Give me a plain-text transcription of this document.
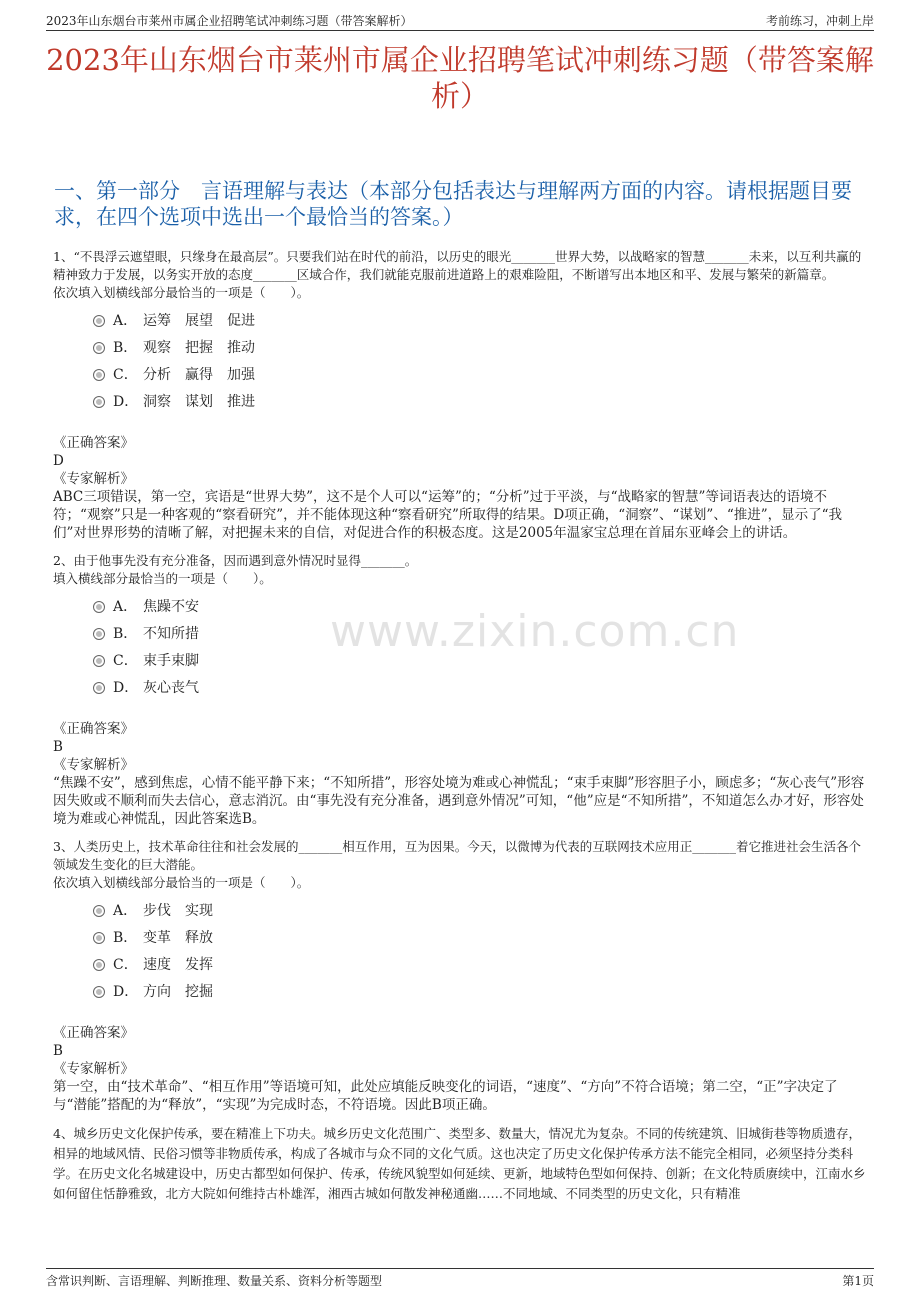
2023年山东烟台市莱州市属企业招聘笔试冲刺练习题（带答案解析）	考前练习，冲刺上岸
2023年山东烟台市莱州市属企业招聘笔试冲刺练习题（带答案解析）
一、第一部分　言语理解与表达（本部分包括表达与理解两方面的内容。请根据题目要求，在四个选项中选出一个最恰当的答案。）
www.zixin.com.cn

1、“不畏浮云遮望眼，只缘身在最高层”。只要我们站在时代的前沿，以历史的眼光_______世界大势，以战略家的智慧_______未来，以互利共赢的精神致力于发展，以务实开放的态度_______区域合作，我们就能克服前进道路上的艰难险阻，不断谱写出本地区和平、发展与繁荣的新篇章。

依次填入划横线部分最恰当的一项是（　　）。

A． 运筹　展望　促进
B． 观察　把握　推动
C． 分析　赢得　加强
D． 洞察　谋划　推进
《正确答案》
D
《专家解析》
ABC三项错误，第一空，宾语是“世界大势”，这不是个人可以“运筹”的；“分析”过于平淡，与“战略家的智慧”等词语表达的语境不符；“观察”只是一种客观的“察看研究”，并不能体现这种“察看研究”所取得的结果。D项正确，“洞察”、“谋划”、“推进”，显示了“我们”对世界形势的清晰了解，对把握未来的自信，对促进合作的积极态度。这是2005年温家宝总理在首届东亚峰会上的讲话。

2、由于他事先没有充分准备，因而遇到意外情况时显得_______。

填入横线部分最恰当的一项是（　　）。

A． 焦躁不安
B． 不知所措
C． 束手束脚
D． 灰心丧气
《正确答案》
B
《专家解析》
“焦躁不安”，感到焦虑，心情不能平静下来；“不知所措”，形容处境为难或心神慌乱；“束手束脚”形容胆子小，顾虑多；“灰心丧气”形容因失败或不顺利而失去信心，意志消沉。由“事先没有充分准备，遇到意外情况”可知，“他”应是“不知所措”，不知道怎么办才好，形容处境为难或心神慌乱，因此答案选B。

3、人类历史上，技术革命往往和社会发展的_______相互作用，互为因果。今天，以微博为代表的互联网技术应用正_______着它推进社会生活各个领域发生变化的巨大潜能。

依次填入划横线部分最恰当的一项是（　　）。

A． 步伐　实现
B． 变革　释放
C． 速度　发挥
D． 方向　挖掘
《正确答案》
B
《专家解析》
第一空，由“技术革命”、“相互作用”等语境可知，此处应填能反映变化的词语，“速度”、“方向”不符合语境；第二空，“正”字决定了与“潜能”搭配的为“释放”，“实现”为完成时态，不符语境。因此B项正确。

4、城乡历史文化保护传承，要在精准上下功夫。城乡历史文化范围广、类型多、数量大，情况尤为复杂。不同的传统建筑、旧城街巷等物质遗存，相异的地域风情、民俗习惯等非物质传承，构成了各城市与众不同的文化气质。这也决定了历史文化保护传承方法不能完全相同，必须坚持分类科学。在历史文化名城建设中，历史古都型如何保护、传承，传统风貌型如何延续、更新，地域特色型如何保持、创新；在文化特质赓续中，江南水乡如何留住恬静雅致，北方大院如何维持古朴雄浑，湘西古城如何散发神秘通幽……不同地域、不同类型的历史文化，只有精准

含常识判断、言语理解、判断推理、数量关系、资料分析等题型	第1页
